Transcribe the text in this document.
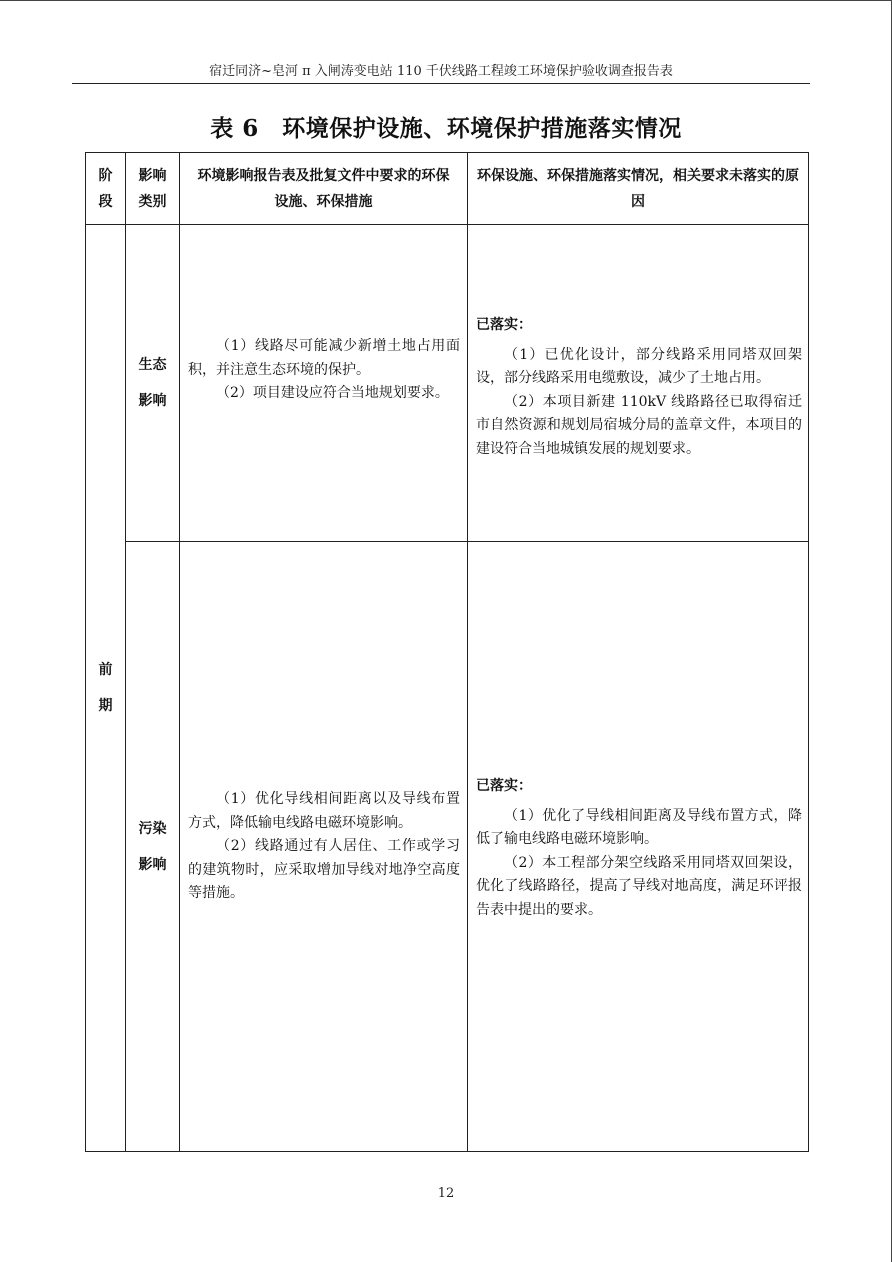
宿迁同济~皂河 π 入闸涛变电站 110 千伏线路工程竣工环境保护验收调查报告表
表 6　环境保护设施、环境保护措施落实情况
阶
段
影响
类别
环境影响报告表及批复文件中要求的环保设施、环保措施
环保设施、环保措施落实情况，相关要求未落实的原因
前
期
生态
影响

（1）线路尽可能减少新增土地占用面积，并注意生态环境的保护。

（2）项目建设应符合当地规划要求。

已落实：

（1）已优化设计，部分线路采用同塔双回架设，部分线路采用电缆敷设，减少了土地占用。

（2）本项目新建 110kV 线路路径已取得宿迁市自然资源和规划局宿城分局的盖章文件，本项目的建设符合当地城镇发展的规划要求。

污染
影响

（1）优化导线相间距离以及导线布置方式，降低输电线路电磁环境影响。

（2）线路通过有人居住、工作或学习的建筑物时，应采取增加导线对地净空高度等措施。

已落实：

（1）优化了导线相间距离及导线布置方式，降低了输电线路电磁环境影响。

（2）本工程部分架空线路采用同塔双回架设，优化了线路路径，提高了导线对地高度，满足环评报告表中提出的要求。

12
